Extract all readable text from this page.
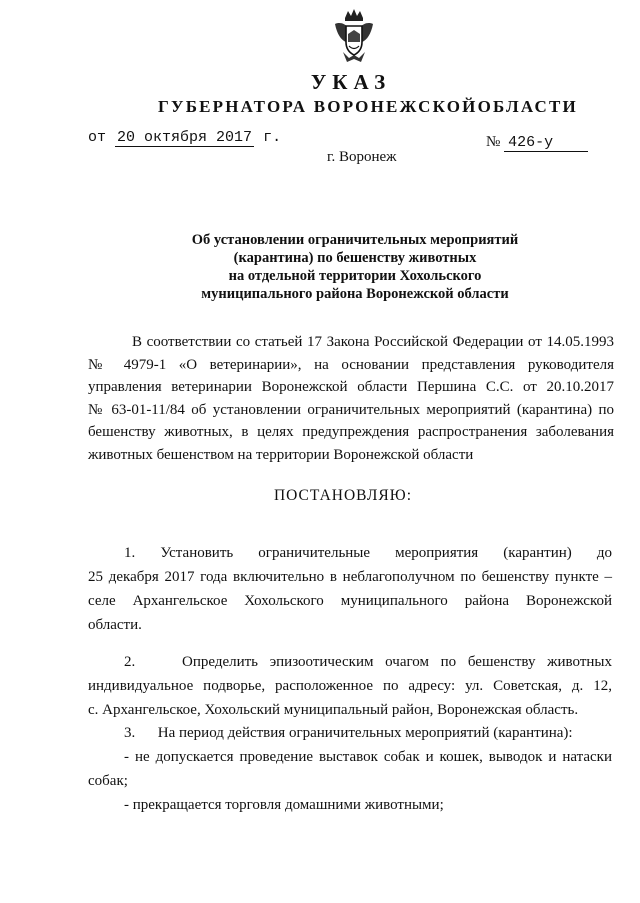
УКАЗ
ГУБЕРНАТОРА ВОРОНЕЖСКОЙОБЛАСТИ
от 20 октября 2017 г.	№ 426-у
г. Воронеж
Об установлении ограничительных мероприятий
(карантина) по бешенству животных
на отдельной территории Хохольского
муниципального района Воронежской области
В соответствии со статьей 17 Закона Российской Федерации от 14.05.1993
№ 4979-1 «О ветеринарии», на основании представления руководителя
управления ветеринарии Воронежской области Першина С.С. от 20.10.2017
№ 63-01-11/84 об установлении ограничительных мероприятий (карантина) по
бешенству животных, в целях предупреждения распространения заболевания
животных бешенством на территории Воронежской области
ПОСТАНОВЛЯЮ:
1.      Установить      ограничительные      мероприятия      (карантин)      до
25 декабря 2017 года включительно в неблагополучном по бешенству пункте –
селе Архангельское Хохольского муниципального района Воронежской
области.
2.    Определить эпизоотическим очагом по бешенству животных
индивидуальное подворье, расположенное по адресу: ул. Советская, д. 12,
с. Архангельское, Хохольский муниципальный район, Воронежская область.
3.      На период действия ограничительных мероприятий (карантина):
- не допускается проведение выставок собак и кошек, выводок и натаски
собак;
- прекращается торговля домашними животными;
